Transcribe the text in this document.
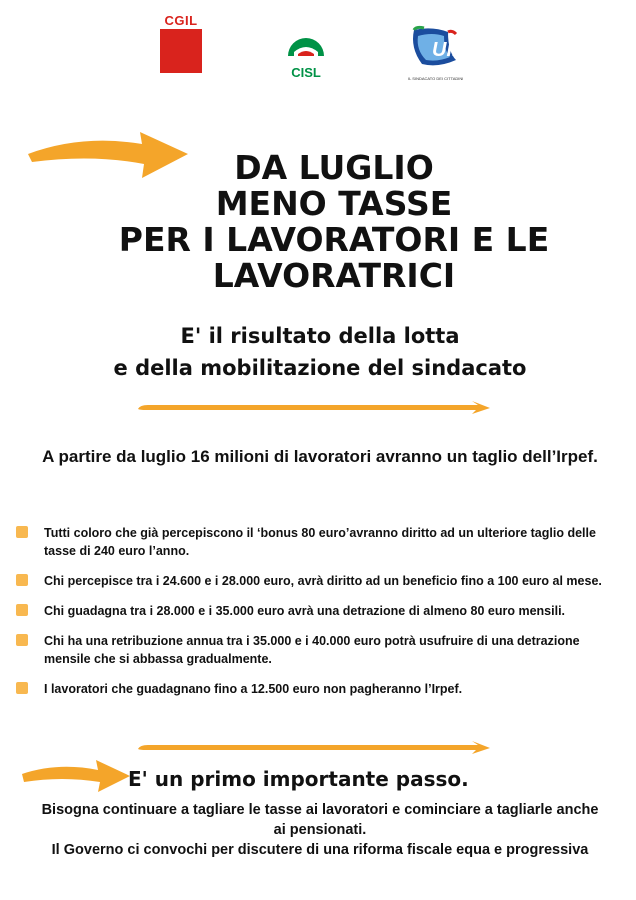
CGIL
CISL
UIL
IL SINDACATO DEI CITTADINI
DA LUGLIO
MENO TASSE
PER I LAVORATORI E LE
LAVORATRICI
E' il risultato della lotta
e della mobilitazione del sindacato
A partire da luglio 16 milioni di lavoratori avranno un taglio dell’Irpef.
Tutti coloro che già percepiscono il ‘bonus 80 euro’avranno diritto ad un ulteriore taglio delle tasse di 240 euro l’anno.
Chi percepisce tra i 24.600 e i 28.000 euro, avrà diritto ad un beneficio fino a 100 euro al mese.
Chi guadagna tra i 28.000 e i 35.000 euro avrà una detrazione di almeno 80 euro mensili.
Chi ha una retribuzione annua tra i 35.000 e i 40.000 euro potrà usufruire di una detrazione mensile che si abbassa gradualmente.
I lavoratori che guadagnano fino a 12.500 euro non pagheranno l’Irpef.
E' un primo importante passo.
Bisogna continuare a tagliare le tasse ai lavoratori e cominciare a tagliarle anche ai pensionati.
Il Governo ci convochi per discutere di una riforma fiscale equa e progressiva
